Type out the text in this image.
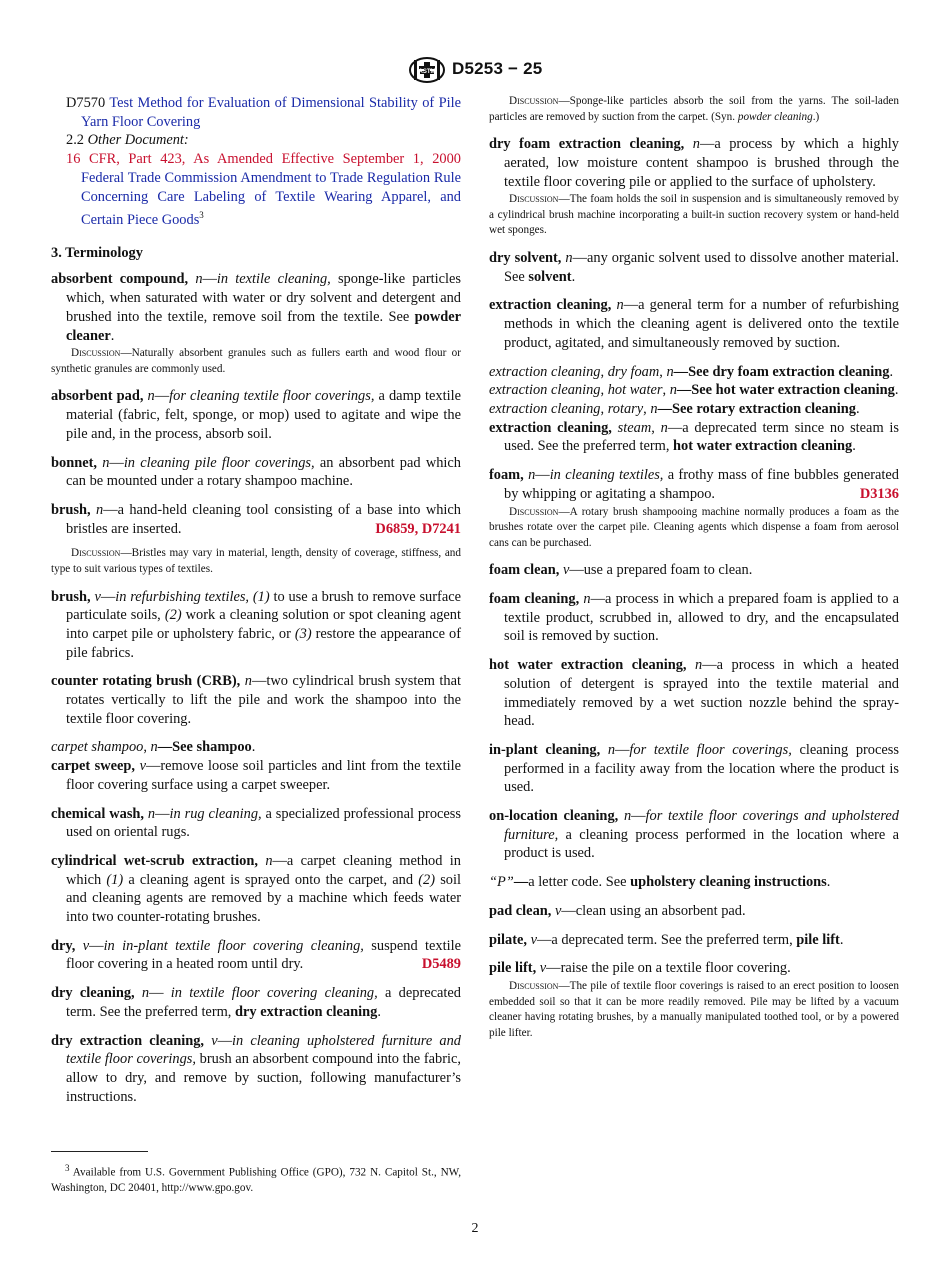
ASTM D5253 − 25
D7570 Test Method for Evaluation of Dimensional Stability of Pile Yarn Floor Covering
2.2 Other Document:
16 CFR, Part 423, As Amended Effective September 1, 2000 Federal Trade Commission Amendment to Trade Regulation Rule Concerning Care Labeling of Textile Wearing Apparel, and Certain Piece Goods$^3$
3. Terminology
absorbent compound, n—in textile cleaning, sponge-like particles which, when saturated with water or dry solvent and detergent and brushed into the textile, remove soil from the textile. See powder cleaner.
Discussion—Naturally absorbent granules such as fullers earth and wood flour or synthetic granules are commonly used.
absorbent pad, n—for cleaning textile floor coverings, a damp textile material (fabric, felt, sponge, or mop) used to agitate and wipe the pile and, in the process, absorb soil.
bonnet, n—in cleaning pile floor coverings, an absorbent pad which can be mounted under a rotary shampoo machine.
brush, n—a hand-held cleaning tool consisting of a base into which bristles are inserted.	D6859, D7241
Discussion—Bristles may vary in material, length, density of coverage, stiffness, and type to suit various types of textiles.
brush, v—in refurbishing textiles, (1) to use a brush to remove surface particulate soils, (2) work a cleaning solution or spot cleaning agent into carpet pile or upholstery fabric, or (3) restore the appearance of pile fabrics.
counter rotating brush (CRB), n—two cylindrical brush system that rotates vertically to lift the pile and work the shampoo into the textile floor covering.
carpet shampoo, n—See shampoo.
carpet sweep, v—remove loose soil particles and lint from the textile floor covering surface using a carpet sweeper.
chemical wash, n—in rug cleaning, a specialized professional process used on oriental rugs.
cylindrical wet-scrub extraction, n—a carpet cleaning method in which (1) a cleaning agent is sprayed onto the carpet, and (2) soil and cleaning agents are removed by a machine which feeds water into two counter-rotating brushes.
dry, v—in in-plant textile floor covering cleaning, suspend textile floor covering in a heated room until dry.	D5489
dry cleaning, n— in textile floor covering cleaning, a deprecated term. See the preferred term, dry extraction cleaning.
dry extraction cleaning, v—in cleaning upholstered furniture and textile floor coverings, brush an absorbent compound into the fabric, allow to dry, and remove by suction, following manufacturer’s instructions.
$^3$ Available from U.S. Government Publishing Office (GPO), 732 N. Capitol St., NW, Washington, DC 20401, http://www.gpo.gov.
Discussion—Sponge-like particles absorb the soil from the yarns. The soil-laden particles are removed by suction from the carpet. (Syn. powder cleaning.)
dry foam extraction cleaning, n—a process by which a highly aerated, low moisture content shampoo is brushed through the textile floor covering pile or applied to the surface of upholstery.
Discussion—The foam holds the soil in suspension and is simultaneously removed by a cylindrical brush machine incorporating a built-in suction recovery system or hand-held wet sponges.
dry solvent, n—any organic solvent used to dissolve another material. See solvent.
extraction cleaning, n—a general term for a number of refurbishing methods in which the cleaning agent is delivered onto the textile product, agitated, and simultaneously removed by suction.
extraction cleaning, dry foam, n—See dry foam extraction cleaning.
extraction cleaning, hot water, n—See hot water extraction cleaning.
extraction cleaning, rotary, n—See rotary extraction cleaning.
extraction cleaning, steam, n—a deprecated term since no steam is used. See the preferred term, hot water extraction cleaning.
foam, n—in cleaning textiles, a frothy mass of fine bubbles generated by whipping or agitating a shampoo.	D3136
Discussion—A rotary brush shampooing machine normally produces a foam as the brushes rotate over the carpet pile. Cleaning agents which dispense a foam from aerosol cans can be purchased.
foam clean, v—use a prepared foam to clean.
foam cleaning, n—a process in which a prepared foam is applied to a textile product, scrubbed in, allowed to dry, and the encapsulated soil is removed by suction.
hot water extraction cleaning, n—a process in which a heated solution of detergent is sprayed into the textile material and immediately removed by a wet suction nozzle behind the spray-head.
in-plant cleaning, n—for textile floor coverings, cleaning process performed in a facility away from the location where the product is used.
on-location cleaning, n—for textile floor coverings and upholstered furniture, a cleaning process performed in the location where a product is used.
“P”—a letter code. See upholstery cleaning instructions.
pad clean, v—clean using an absorbent pad.
pilate, v—a deprecated term. See the preferred term, pile lift.
pile lift, v—raise the pile on a textile floor covering.
Discussion—The pile of textile floor coverings is raised to an erect position to loosen embedded soil so that it can be more readily removed. Pile may be lifted by a vacuum cleaner having rotating brushes, by a manually manipulated toothed tool, or by a powered pile lifter.
2
